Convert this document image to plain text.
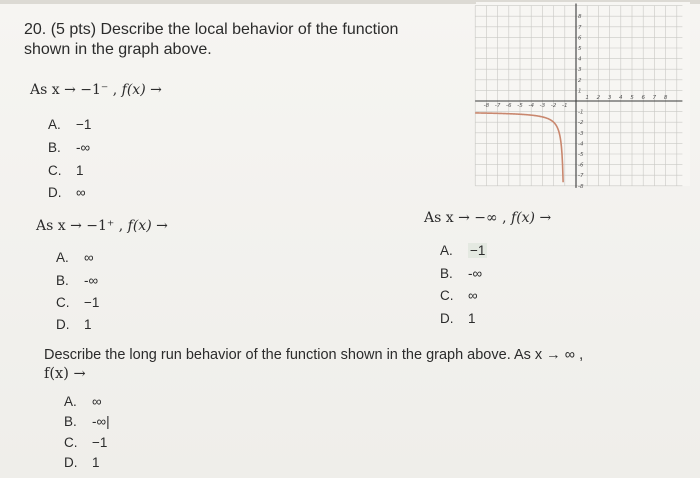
20. (5 pts) Describe the local behavior of the function
shown in the graph above.
-8 -7 -6 -5 -4 -3 -2 -1
1 2 3 4 5 6 7 8
8
7
6
5
4
3
2
1
-1
-2
-3
-4
-5
-6
-7
-8
As x → −1⁻ , f(x) →
A. −1
B. -∞
C. 1
D. ∞
As x → −1⁺ , f(x) →
A. ∞
B. -∞
C. −1
D. 1
As x → −∞ , f(x) →
A. −1
B. -∞
C. ∞
D. 1
Describe the long run behavior of the function shown in the graph above. As x → ∞ ,
f(x) →
A. ∞
B. -∞|
C. −1
D. 1
